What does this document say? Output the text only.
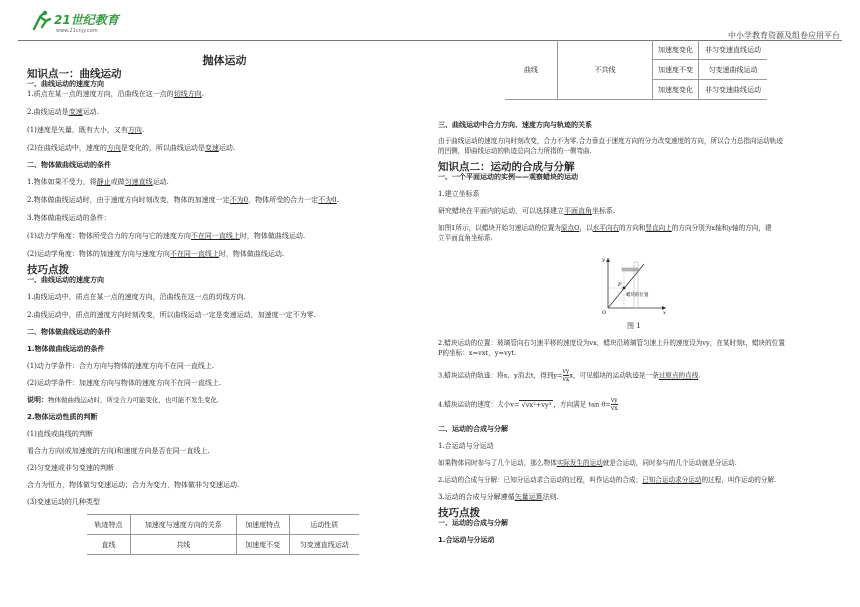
21世纪教育
www.21cnjy.com	中小学教育资源及组卷应用平台

抛体运动

知识点一：曲线运动

一、曲线运动的速度方向

1.质点在某一点的速度方向，沿曲线在这一点的切线方向.

2.曲线运动是变速运动.

(1)速度是矢量，既有大小，又有方向.

(2)在曲线运动中，速度的方向是变化的，所以曲线运动是变速运动.

二、物体做曲线运动的条件

1.物体如果不受力，将静止或做匀速直线运动.

2.物体做曲线运动时，由于速度方向时刻改变，物体的加速度一定不为0，物体所受的合力一定不为0.

3.物体做曲线运动的条件：

(1)动力学角度：物体所受合力的方向与它的速度方向不在同一直线上时，物体做曲线运动.

(2)运动学角度：物体的加速度方向与速度方向不在同一直线上时，物体做曲线运动.

技巧点拨

一、曲线运动的速度方向

1.曲线运动中，质点在某一点的速度方向，沿曲线在这一点的切线方向.

2.曲线运动中，质点的速度方向时刻改变，所以曲线运动一定是变速运动，加速度一定不为零.

二、物体做曲线运动的条件

1.物体做曲线运动的条件

(1)动力学条件：合力方向与物体的速度方向不在同一直线上.

(2)运动学条件：加速度方向与物体的速度方向不在同一直线上.

说明：物体做曲线运动时，所受合力可能变化，也可能不发生变化.

2.物体运动性质的判断

(1)直线或曲线的判断

看合力方向(或加速度的方向)和速度方向是否在同一直线上.

(2)匀变速或非匀变速的判断

合力为恒力，物体做匀变速运动；合力为变力，物体做非匀变速运动.

(3)变速运动的几种类型

轨迹特点	加速度与速度方向的关系	加速度特点	运动性质
直线	共线	加速度不变	匀变速直线运动
曲线	不共线	加速度变化	非匀变速直线运动
		加速度不变	匀变速曲线运动
		加速度变化	非匀变速曲线运动

三、曲线运动中合力方向、速度方向与轨迹的关系

由于曲线运动的速度方向时刻改变，合力不为零.合力垂直于速度方向的分力改变速度的方向，所以合力总指向运动轨迹

的凹侧，即曲线运动的轨迹总向合力所指的一侧弯曲.

知识点二：运动的合成与分解

一、一个平面运动的实例——观察蜡块的运动

1.建立坐标系

研究蜡块在平面内的运动，可以选择建立平面直角坐标系.

如图1所示，以蜡块开始匀速运动的位置为原点O，以水平向右的方向和竖直向上的方向分别为x轴和y轴的方向，建

立平面直角坐标系.

y
x
O
P
蜡块的位置
图 1

2.蜡块运动的位置：玻璃管向右匀速平移的速度设为vx，蜡块沿玻璃管匀速上升的速度设为vy，在某时刻t，蜡块的位置

P的坐标：x=vxt，y=vyt.

3.蜡块运动的轨迹：将x、y消去t，得到$y= \frac{vy}{vx}$ x，可见蜡块的运动轨迹是一条过原点的直线.

4.蜡块运动的速度：大小v= √vx²+vy² ，方向满足 $\tan \theta= \frac{vy}{vx}$

二、运动的合成与分解

1.合运动与分运动

如果物体同时参与了几个运动，那么物体实际发生的运动就是合运动，同时参与的几个运动就是分运动.

2.运动的合成与分解：已知分运动求合运动的过程，叫作运动的合成；已知合运动求分运动的过程，叫作运动的分解.

3.运动的合成与分解遵循矢量运算法则.

技巧点拨

一、运动的合成与分解

1.合运动与分运动
